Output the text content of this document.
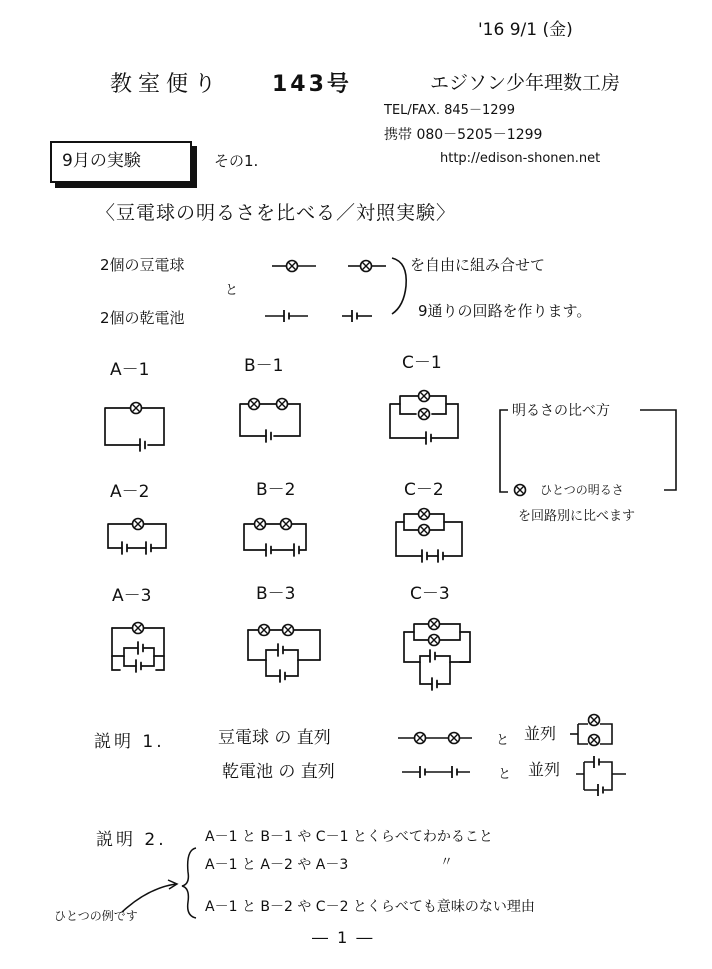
'16 9/1 (金)
教室便り 143号	エジソン少年理数工房
TEL/FAX. 845－1299
携帯 080－5205－1299
http://edison-shonen.net
9月の実験	その1.
〈豆電球の明るさを比べる／対照実験〉
2個の豆電球
と
2個の乾電池
を自由に組み合せて
9通りの回路を作ります。
A－1	B－1	C－1
A－2	B－2	C－2
A－3	B－3	C－3
明るさの比べ方
ひとつの明るさ
を回路別に比べます
説明 1.	豆電球 の 直列
乾電池 の 直列
と
と
並列
並列
説明 2.	A－1 と B－1 や C－1 とくらべてわかること
A－1 と A－2 や A－3	〃
A－1 と B－2 や C－2 とくらべても意味のない理由
ひとつの例です
― 1 ―
